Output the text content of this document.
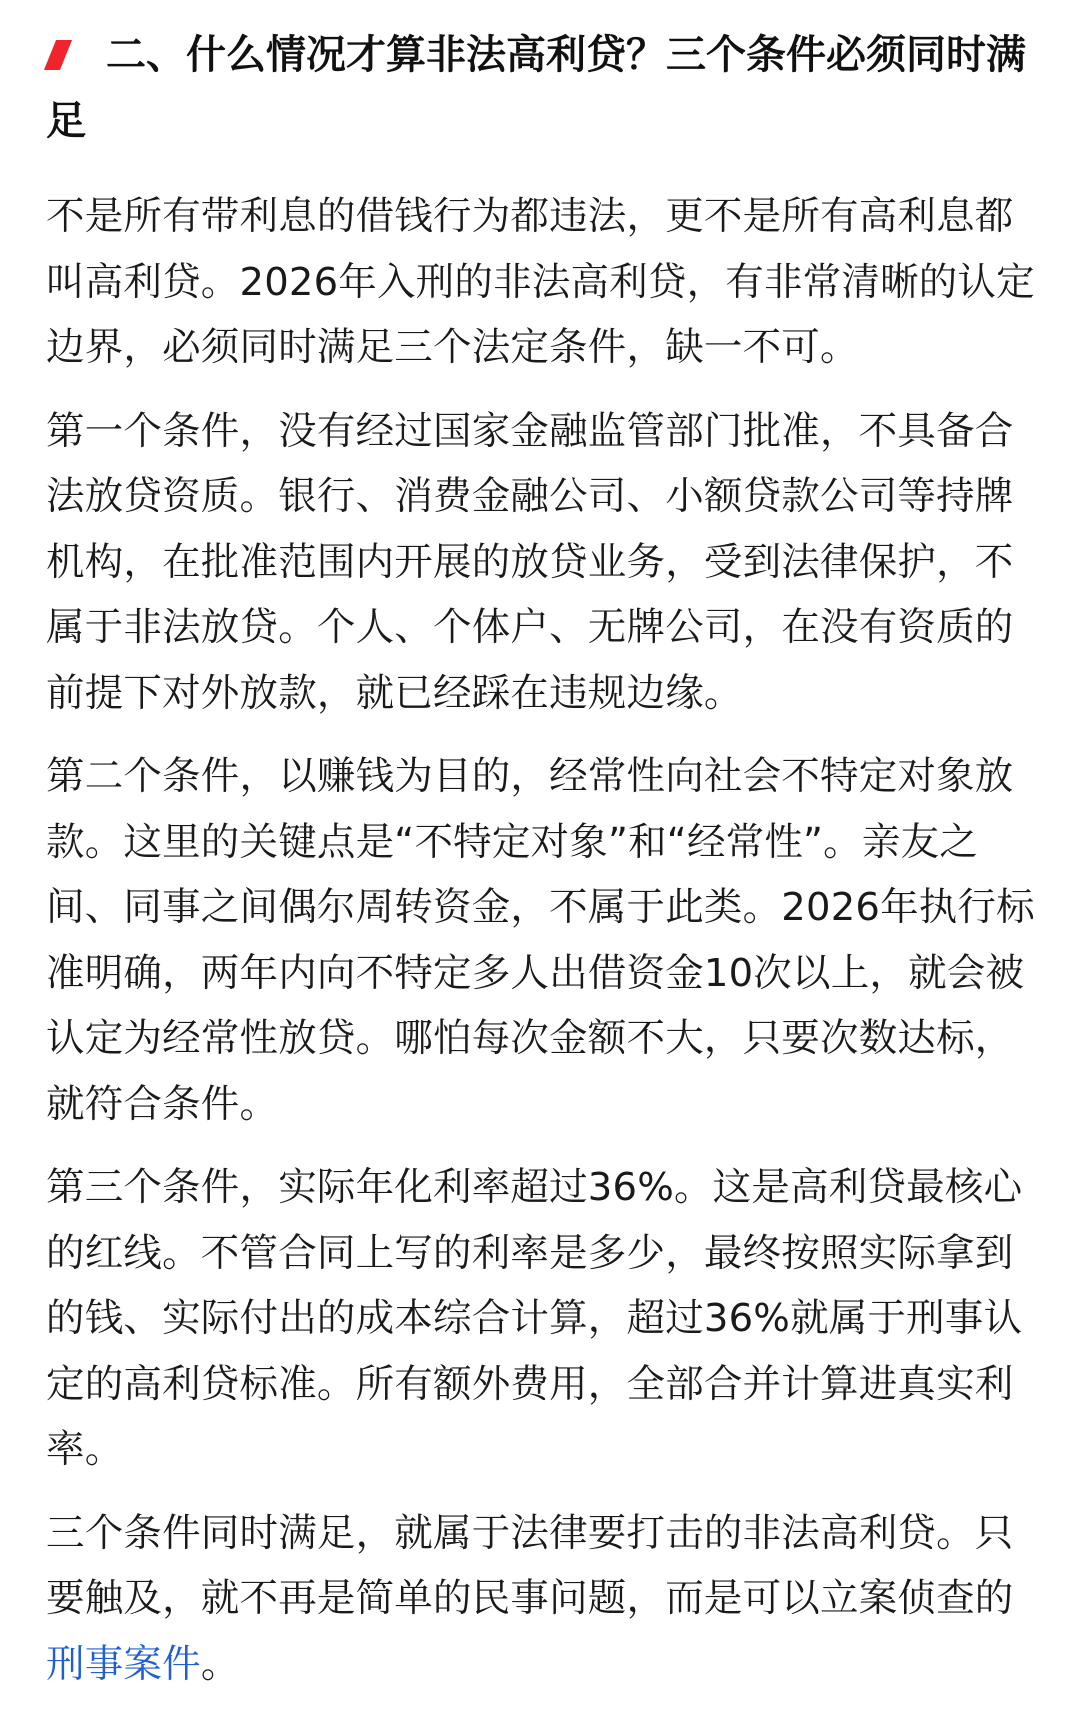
二、什么情况才算非法高利贷？三个条件必须同时满足

不是所有带利息的借钱行为都违法，更不是所有高利息都叫高利贷。2026年入刑的非法高利贷，有非常清晰的认定边界，必须同时满足三个法定条件，缺一不可。

第一个条件，没有经过国家金融监管部门批准，不具备合法放贷资质。银行、消费金融公司、小额贷款公司等持牌机构，在批准范围内开展的放贷业务，受到法律保护，不属于非法放贷。个人、个体户、无牌公司，在没有资质的前提下对外放款，就已经踩在违规边缘。

第二个条件，以赚钱为目的，经常性向社会不特定对象放款。这里的关键点是“不特定对象”和“经常性”。亲友之间、同事之间偶尔周转资金，不属于此类。2026年执行标准明确，两年内向不特定多人出借资金10次以上，就会被认定为经常性放贷。哪怕每次金额不大，只要次数达标，就符合条件。

第三个条件，实际年化利率超过36%。这是高利贷最核心的红线。不管合同上写的利率是多少，最终按照实际拿到的钱、实际付出的成本综合计算，超过36%就属于刑事认定的高利贷标准。所有额外费用，全部合并计算进真实利率。

三个条件同时满足，就属于法律要打击的非法高利贷。只要触及，就不再是简单的民事问题，而是可以立案侦查的刑事案件。
